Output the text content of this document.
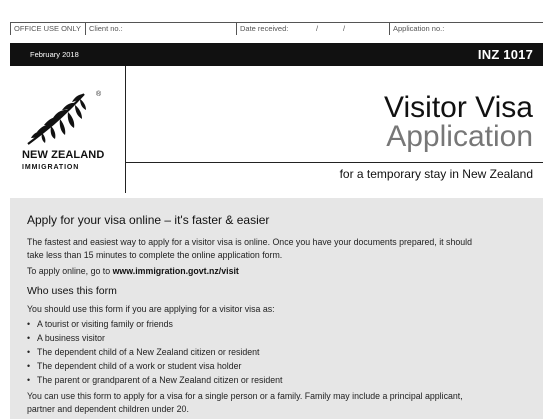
OFFICE USE ONLY Client no.:	Date received:	/	/	Application no.:
February 2018	INZ 1017
®
NEW ZEALAND
IMMIGRATION
Visitor Visa
Application
for a temporary stay in New Zealand
Apply for your visa online – it's faster & easier
The fastest and easiest way to apply for a visitor visa is online. Once you have your documents prepared, it should
take less than 15 minutes to complete the online application form.
To apply online, go to www.immigration.govt.nz/visit
Who uses this form
You should use this form if you are applying for a visitor visa as:
• A tourist or visiting family or friends
• A business visitor
• The dependent child of a New Zealand citizen or resident
• The dependent child of a work or student visa holder
• The parent or grandparent of a New Zealand citizen or resident
You can use this form to apply for a visa for a single person or a family. Family may include a principal applicant,
partner and dependent children under 20.
